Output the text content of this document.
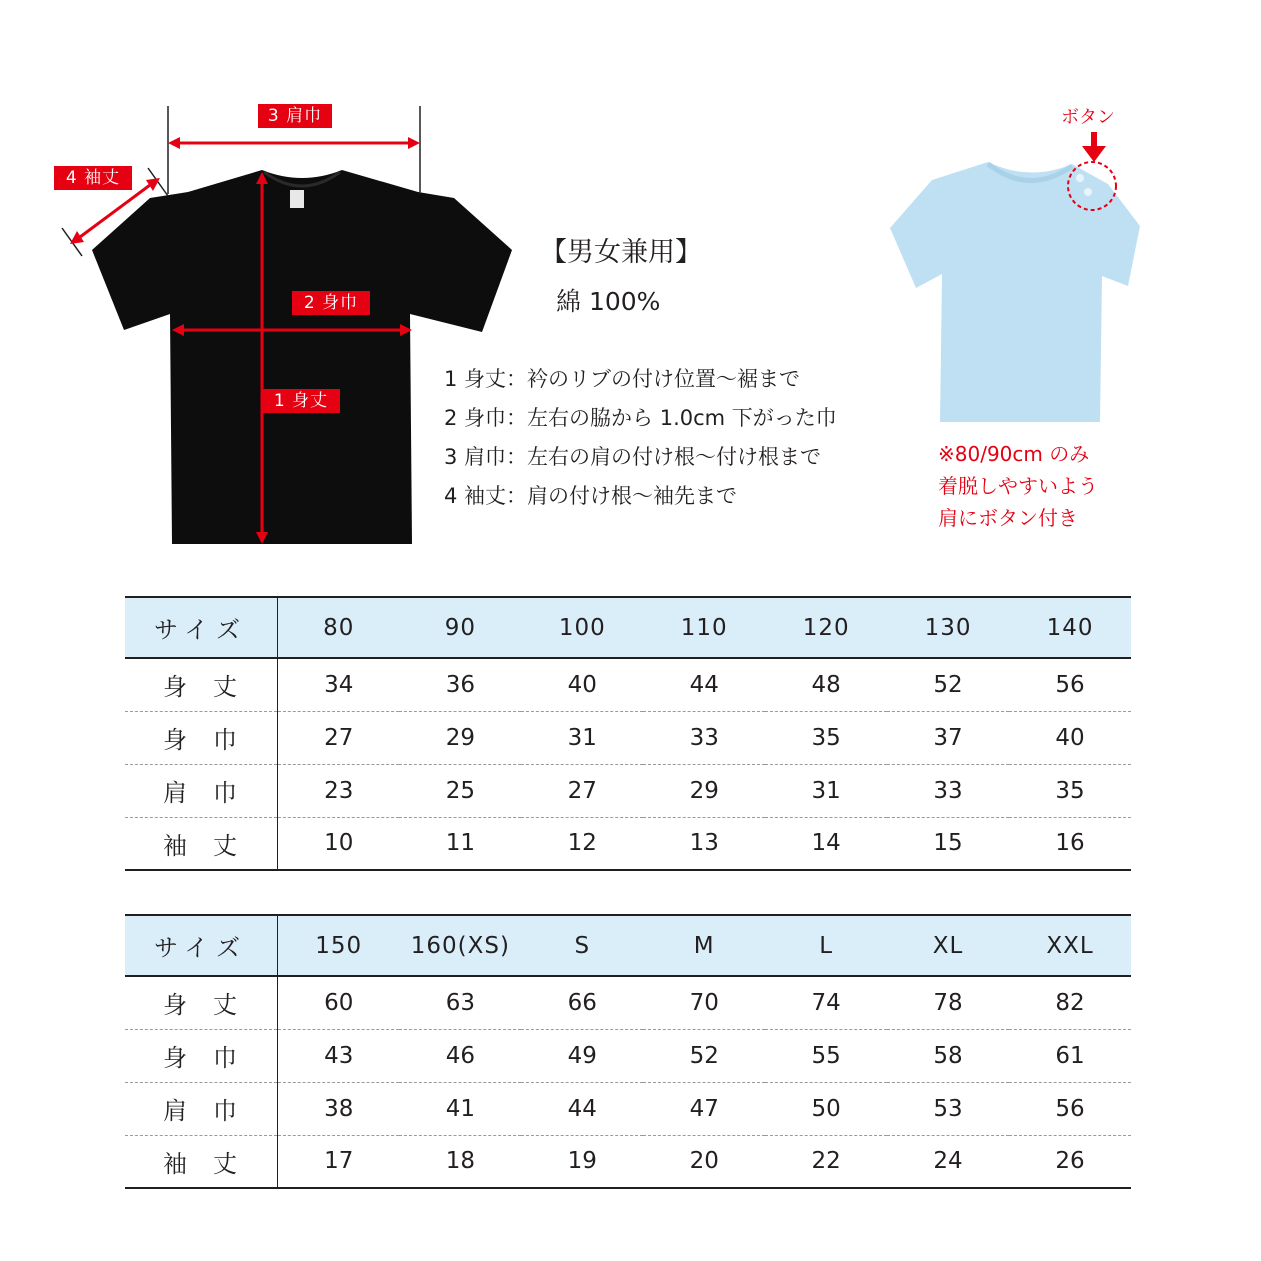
3 肩巾
4 袖丈
2 身巾
1 身丈
【男女兼用】
綿 100%
1 身丈：衿のリブの付け位置～裾まで
2 身巾：左右の脇から 1.0cm 下がった巾
3 肩巾：左右の肩の付け根～付け根まで
4 袖丈：肩の付け根～袖先まで
ボタン
※80/90cm のみ
着脱しやすいよう
肩にボタン付き
サイズ	80	90	100	110	120	130	140
身丈	34	36	40	44	48	52	56
身巾	27	29	31	33	35	37	40
肩巾	23	25	27	29	31	33	35
袖丈	10	11	12	13	14	15	16
サイズ	150	160(XS)	S	M	L	XL	XXL
身丈	60	63	66	70	74	78	82
身巾	43	46	49	52	55	58	61
肩巾	38	41	44	47	50	53	56
袖丈	17	18	19	20	22	24	26
